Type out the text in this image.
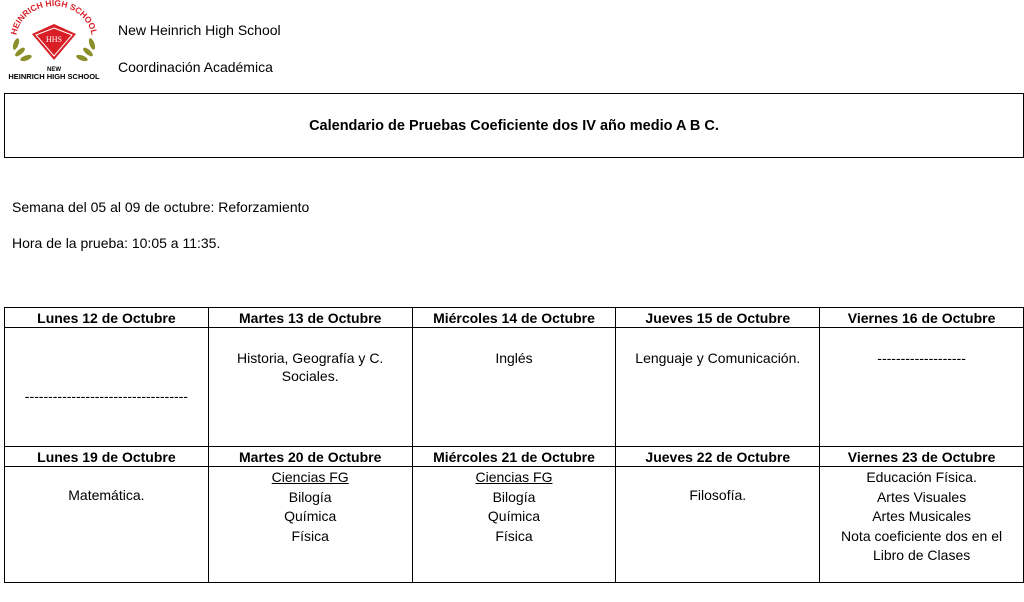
HEINRICH HIGH SCHOOL
HHS
NEW
HEINRICH HIGH SCHOOL
New Heinrich High School
Coordinación Académica
Calendario de Pruebas Coeficiente dos IV año medio A B C.
Semana del 05 al 09 de octubre: Reforzamiento
Hora de la prueba: 10:05 a 11:35.
Lunes 12 de Octubre	Martes 13 de Octubre	Miércoles 14 de Octubre	Jueves 15 de Octubre	Viernes 16 de Octubre

-----------------------------------	Historia, Geografía y C.
Sociales.	Inglés	Lenguaje y Comunicación.	-------------------

Lunes 19 de Octubre	Martes 20 de Octubre	Miércoles 21 de Octubre	Jueves 22 de Octubre	Viernes 23 de Octubre

Matemática.	Ciencias FG
Bilogía
Química
Física	Ciencias FG
Bilogía
Química
Física	Filosofía.	Educación Física.
Artes Visuales
Artes Musicales
Nota coeficiente dos en el
Libro de Clases
